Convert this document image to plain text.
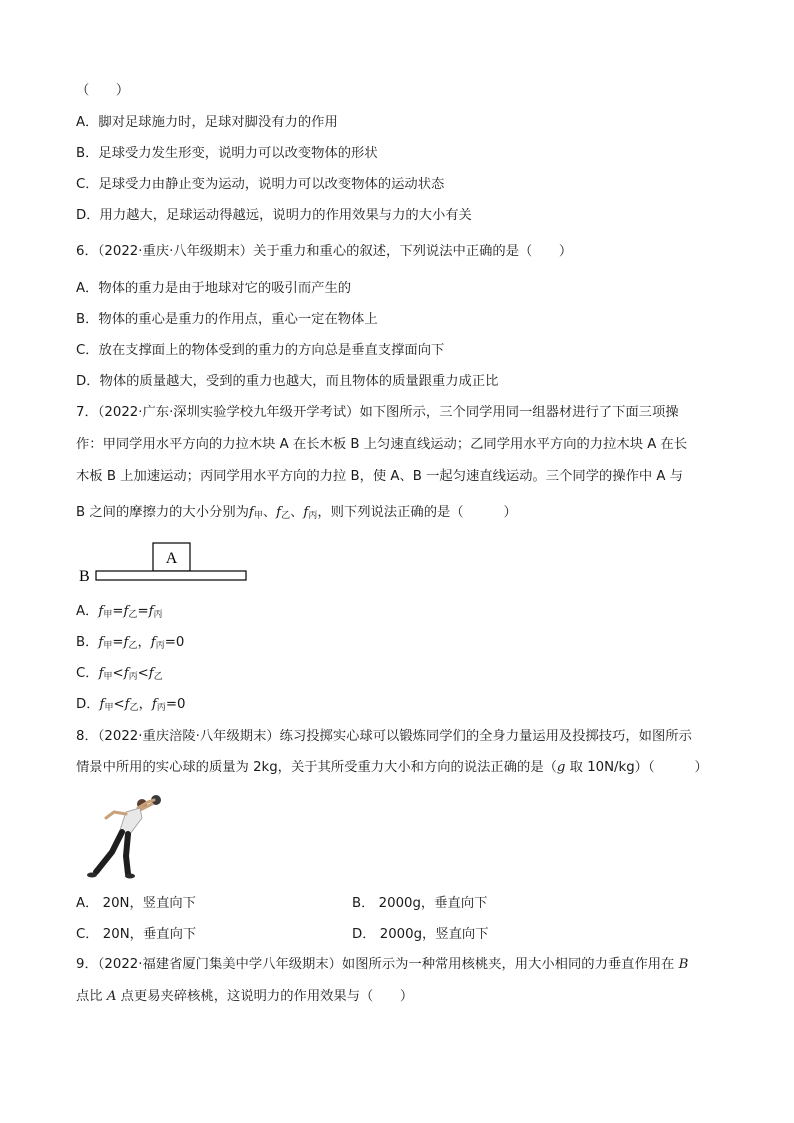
（　　）
A．脚对足球施力时，足球对脚没有力的作用
B．足球受力发生形变，说明力可以改变物体的形状
C．足球受力由静止变为运动，说明力可以改变物体的运动状态
D．用力越大，足球运动得越远，说明力的作用效果与力的大小有关
6．（2022·重庆·八年级期末）关于重力和重心的叙述，下列说法中正确的是（　　）
A．物体的重力是由于地球对它的吸引而产生的
B．物体的重心是重力的作用点，重心一定在物体上
C．放在支撑面上的物体受到的重力的方向总是垂直支撑面向下
D．物体的质量越大，受到的重力也越大，而且物体的质量跟重力成正比
7．（2022·广东·深圳实验学校九年级开学考试）如下图所示，三个同学用同一组器材进行了下面三项操
作：甲同学用水平方向的力拉木块 A 在长木板 B 上匀速直线运动；乙同学用水平方向的力拉木块 A 在长
木板 B 上加速运动；丙同学用水平方向的力拉 B，使 A、B 一起匀速直线运动。三个同学的操作中 A 与
B 之间的摩擦力的大小分别为$f_甲$、$f_乙$、$f_丙$，则下列说法正确的是（　　　）
A
B
A．$f_甲=f_乙=f_丙$
B．$f_甲=f_乙$，$f_丙=0$
C．$f_甲<f_丙<f_乙$
D．$f_甲<f_乙$，$f_丙=0$
8．（2022·重庆涪陵·八年级期末）练习投掷实心球可以锻炼同学们的全身力量运用及投掷技巧，如图所示
情景中所用的实心球的质量为 2kg，关于其所受重力大小和方向的说法正确的是（g 取 10N/kg）（　　　）
A． 20N，竖直向下	B． 2000g，垂直向下
C． 20N，垂直向下	D． 2000g，竖直向下
9．（2022·福建省厦门集美中学八年级期末）如图所示为一种常用核桃夹，用大小相同的力垂直作用在 B
点比 A 点更易夹碎核桃，这说明力的作用效果与（　　）
